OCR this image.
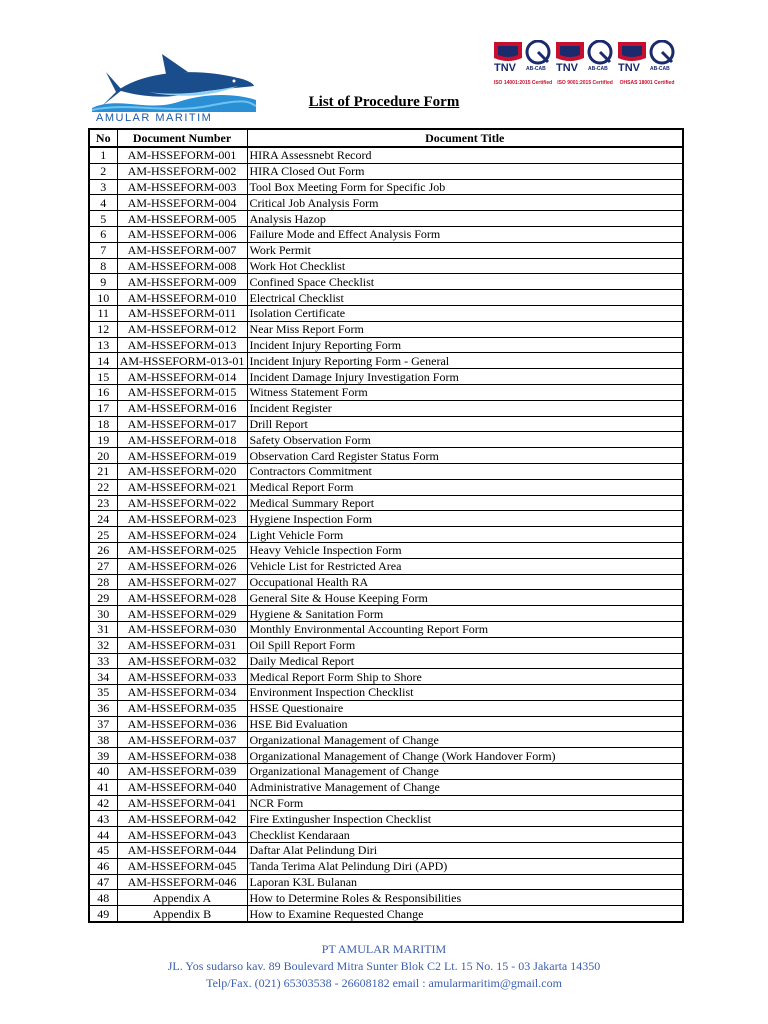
AMULAR MARITIM
TNV AB-CAB
ISO 14001:2015 Certified
TNV AB-CAB
ISO 9001:2015 Certified
TNV AB-CAB
OHSAS 18001 Certified
List of Procedure Form
No	Document Number	Document Title
1	AM-HSSEFORM-001	HIRA Assessnebt Record
2	AM-HSSEFORM-002	HIRA Closed Out Form
3	AM-HSSEFORM-003	Tool Box Meeting Form for Specific Job
4	AM-HSSEFORM-004	Critical Job Analysis Form
5	AM-HSSEFORM-005	Analysis Hazop
6	AM-HSSEFORM-006	Failure Mode and Effect Analysis Form
7	AM-HSSEFORM-007	Work Permit
8	AM-HSSEFORM-008	Work Hot Checklist
9	AM-HSSEFORM-009	Confined Space Checklist
10	AM-HSSEFORM-010	Electrical Checklist
11	AM-HSSEFORM-011	Isolation Certificate
12	AM-HSSEFORM-012	Near Miss Report Form
13	AM-HSSEFORM-013	Incident Injury Reporting Form
14	AM-HSSEFORM-013-01	Incident Injury Reporting Form - General
15	AM-HSSEFORM-014	Incident Damage Injury Investigation Form
16	AM-HSSEFORM-015	Witness Statement Form
17	AM-HSSEFORM-016	Incident Register
18	AM-HSSEFORM-017	Drill Report
19	AM-HSSEFORM-018	Safety Observation Form
20	AM-HSSEFORM-019	Observation Card Register Status Form
21	AM-HSSEFORM-020	Contractors Commitment
22	AM-HSSEFORM-021	Medical Report Form
23	AM-HSSEFORM-022	Medical Summary Report
24	AM-HSSEFORM-023	Hygiene Inspection Form
25	AM-HSSEFORM-024	Light Vehicle Form
26	AM-HSSEFORM-025	Heavy Vehicle Inspection Form
27	AM-HSSEFORM-026	Vehicle List for Restricted Area
28	AM-HSSEFORM-027	Occupational Health RA
29	AM-HSSEFORM-028	General Site & House Keeping Form
30	AM-HSSEFORM-029	Hygiene & Sanitation Form
31	AM-HSSEFORM-030	Monthly Environmental Accounting Report Form
32	AM-HSSEFORM-031	Oil Spill Report Form
33	AM-HSSEFORM-032	Daily Medical Report
34	AM-HSSEFORM-033	Medical Report Form Ship to Shore
35	AM-HSSEFORM-034	Environment Inspection Checklist
36	AM-HSSEFORM-035	HSSE Questionaire
37	AM-HSSEFORM-036	HSE Bid Evaluation
38	AM-HSSEFORM-037	Organizational Management of Change
39	AM-HSSEFORM-038	Organizational Management of Change (Work Handover Form)
40	AM-HSSEFORM-039	Organizational Management of Change
41	AM-HSSEFORM-040	Administrative Management of Change
42	AM-HSSEFORM-041	NCR Form
43	AM-HSSEFORM-042	Fire Extingusher Inspection Checklist
44	AM-HSSEFORM-043	Checklist Kendaraan
45	AM-HSSEFORM-044	Daftar Alat Pelindung Diri
46	AM-HSSEFORM-045	Tanda Terima Alat Pelindung Diri (APD)
47	AM-HSSEFORM-046	Laporan K3L Bulanan
48	Appendix A	How to Determine Roles & Responsibilities
49	Appendix B	How to Examine Requested Change
PT AMULAR MARITIM
JL. Yos sudarso kav. 89 Boulevard Mitra Sunter Blok C2 Lt. 15 No. 15 - 03 Jakarta 14350
Telp/Fax. (021) 65303538 - 26608182 email : amularmaritim@gmail.com
